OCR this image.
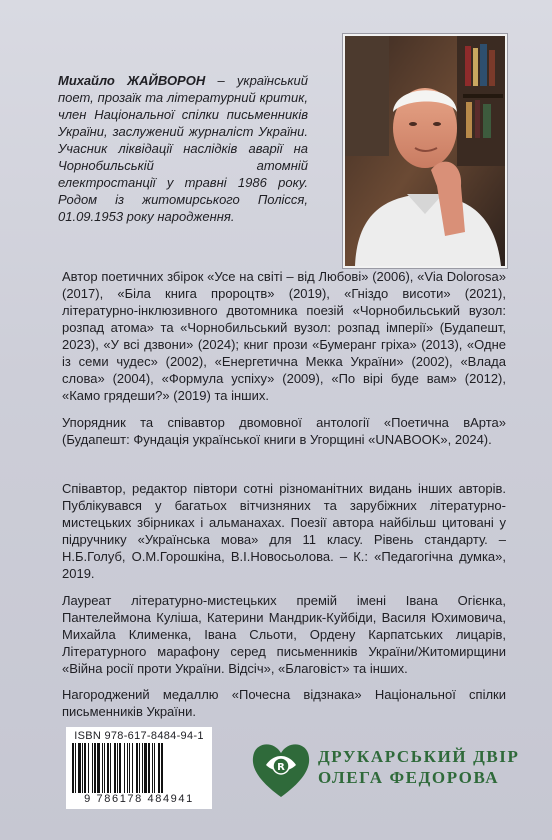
Михайло ЖАЙВОРОН – український поет, прозаїк та літературний критик, член Національної спілки письменників України, заслужений журналіст України. Учасник ліквідації наслідків аварії на Чорнобильській атомній електростанції у травні 1986 року. Родом із житомирського Полісся, 01.09.1953 року народження.

Автор поетичних збірок «Усе на світі – від Любові» (2006), «Via Dolorosa» (2017), «Біла книга пророцтв» (2019), «Гніздо висоти» (2021), літературно-інклюзивного двотомника поезій «Чорнобильський вузол: розпад атома» та «Чорнобильський вузол: розпад імперії» (Будапешт, 2023), «У всі дзвони» (2024); книг прози «Бумеранг гріха» (2013), «Одне із семи чудес» (2002), «Енергетична Мекка України» (2002), «Влада слова» (2004), «Формула успіху» (2009), «По вірі буде вам» (2012), «Камо грядеши?» (2019) та інших.

Упорядник та співавтор двомовної антології «Поетична вАрта» (Будапешт: Фундація української книги в Угорщині «UNABOOK», 2024).

Співавтор, редактор півтори сотні різноманітних видань інших авторів. Публікувався у багатьох вітчизняних та зарубіжних літературно-мистецьких збірниках і альманахах. Поезії автора найбільш цитовані у підручнику «Українська мова» для 11 класу. Рівень стандарту. – Н.Б.Голуб, О.М.Горошкіна, В.І.Новосьолова. – К.: «Педагогічна думка», 2019.

Лауреат літературно-мистецьких премій імені Івана Огієнка, Пантелеймона Куліша, Катерини Мандрик-Куйбіди, Василя Юхимовича, Михайла Клименка, Івана Сльоти, Ордену Карпатських лицарів, Літературного марафону серед письменників України/Житомирщини «Війна росії проти України. Відсіч», «Благовіст» та інших.

Нагороджений медаллю «Почесна відзнака» Національної спілки письменників України.

ISBN 978-617-8484-94-1
9 786178 484941
R
ДРУКАРСЬКИЙ ДВІР
ОЛЕГА ФЕДОРОВА
